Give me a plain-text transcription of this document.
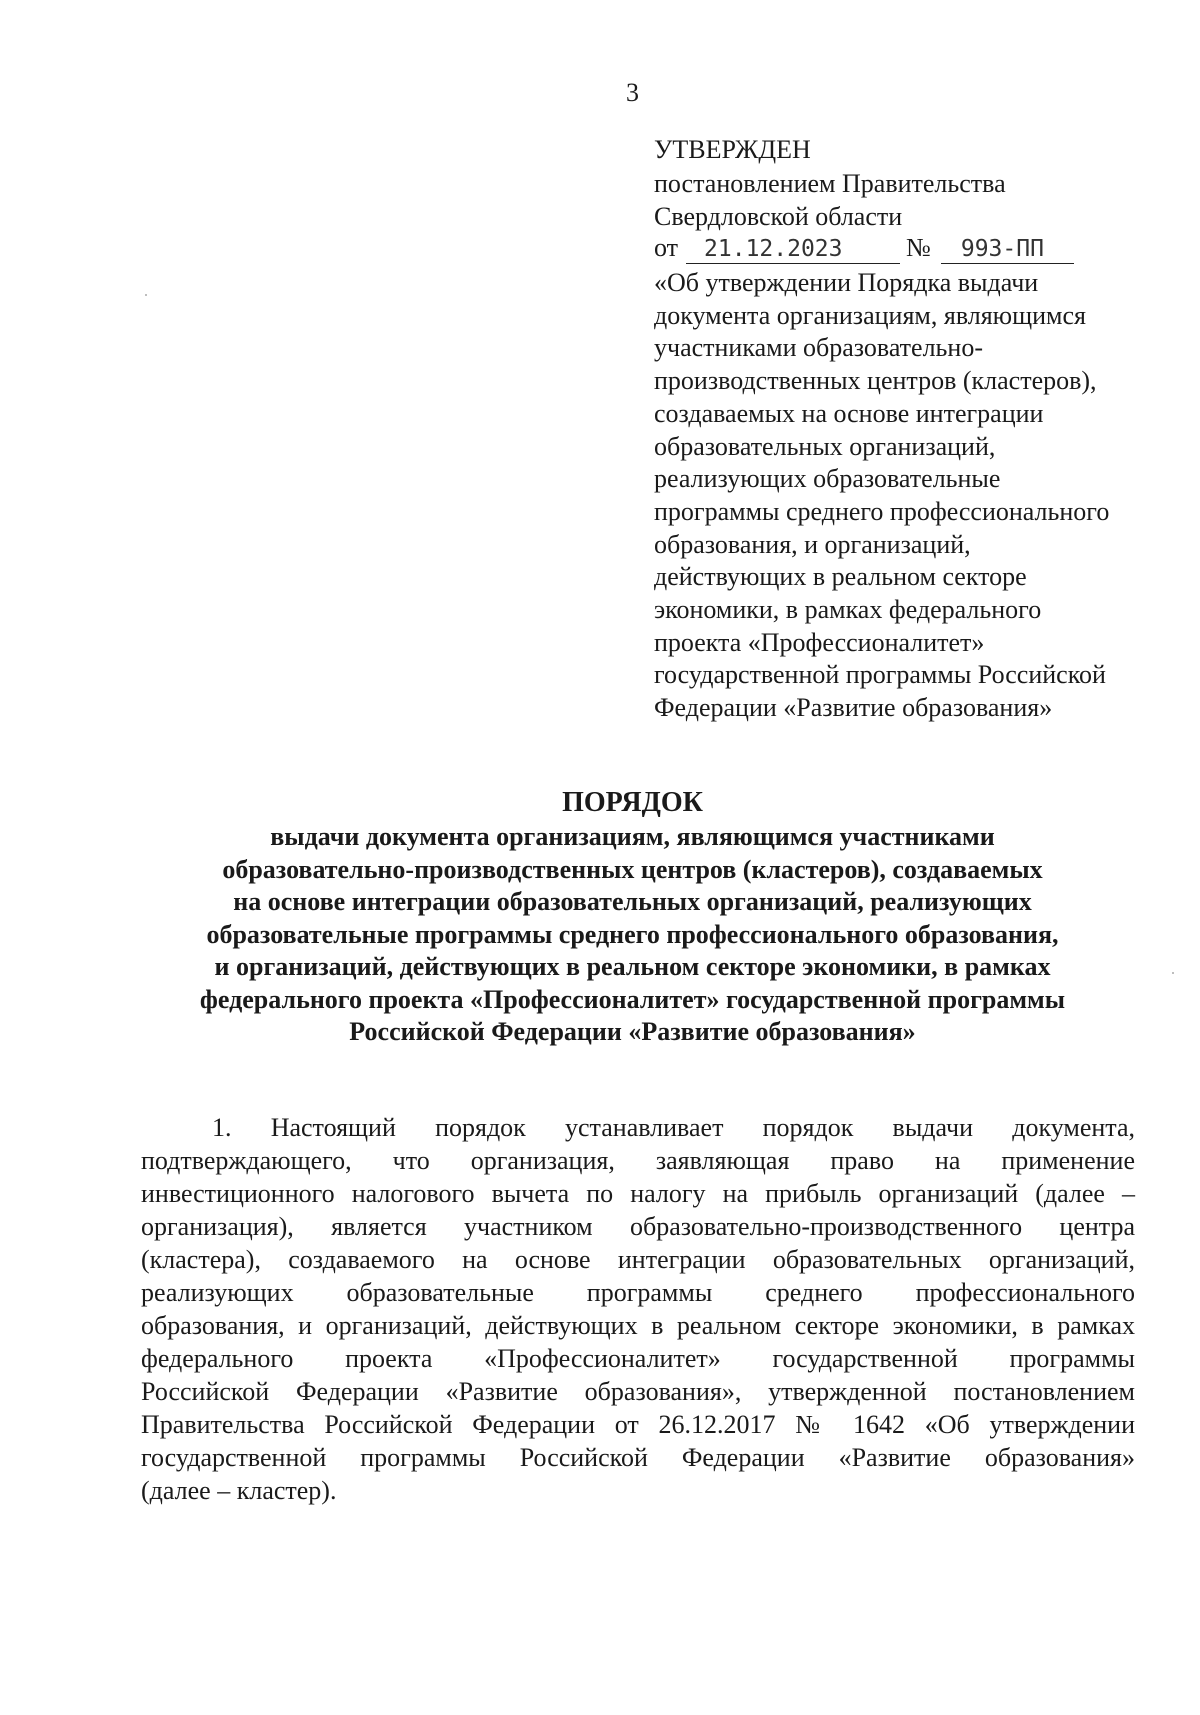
3
УТВЕРЖДЕН
постановлением Правительства
Свердловской области
от	21.12.2023	№	993-ПП
«Об утверждении Порядка выдачи
документа организациям, являющимся
участниками образовательно-
производственных центров (кластеров),
создаваемых на основе интеграции
образовательных организаций,
реализующих образовательные
программы среднего профессионального
образования, и организаций,
действующих в реальном секторе
экономики, в рамках федерального
проекта «Профессионалитет»
государственной программы Российской
Федерации «Развитие образования»
ПОРЯДОК
выдачи документа организациям, являющимся участниками
образовательно-производственных центров (кластеров), создаваемых
на основе интеграции образовательных организаций, реализующих
образовательные программы среднего профессионального образования,
и организаций, действующих в реальном секторе экономики, в рамках
федерального проекта «Профессионалитет» государственной программы
Российской Федерации «Развитие образования»
1. Настоящий порядок устанавливает порядок выдачи документа,
подтверждающего, что организация, заявляющая право на применение
инвестиционного налогового вычета по налогу на прибыль организаций (далее –
организация), является участником образовательно-производственного центра
(кластера), создаваемого на основе интеграции образовательных организаций,
реализующих образовательные программы среднего профессионального
образования, и организаций, действующих в реальном секторе экономики, в рамках
федерального проекта «Профессионалитет» государственной программы
Российской Федерации «Развитие образования», утвержденной постановлением
Правительства Российской Федерации от 26.12.2017 № 1642 «Об утверждении
государственной программы Российской Федерации «Развитие образования»
(далее – кластер).
